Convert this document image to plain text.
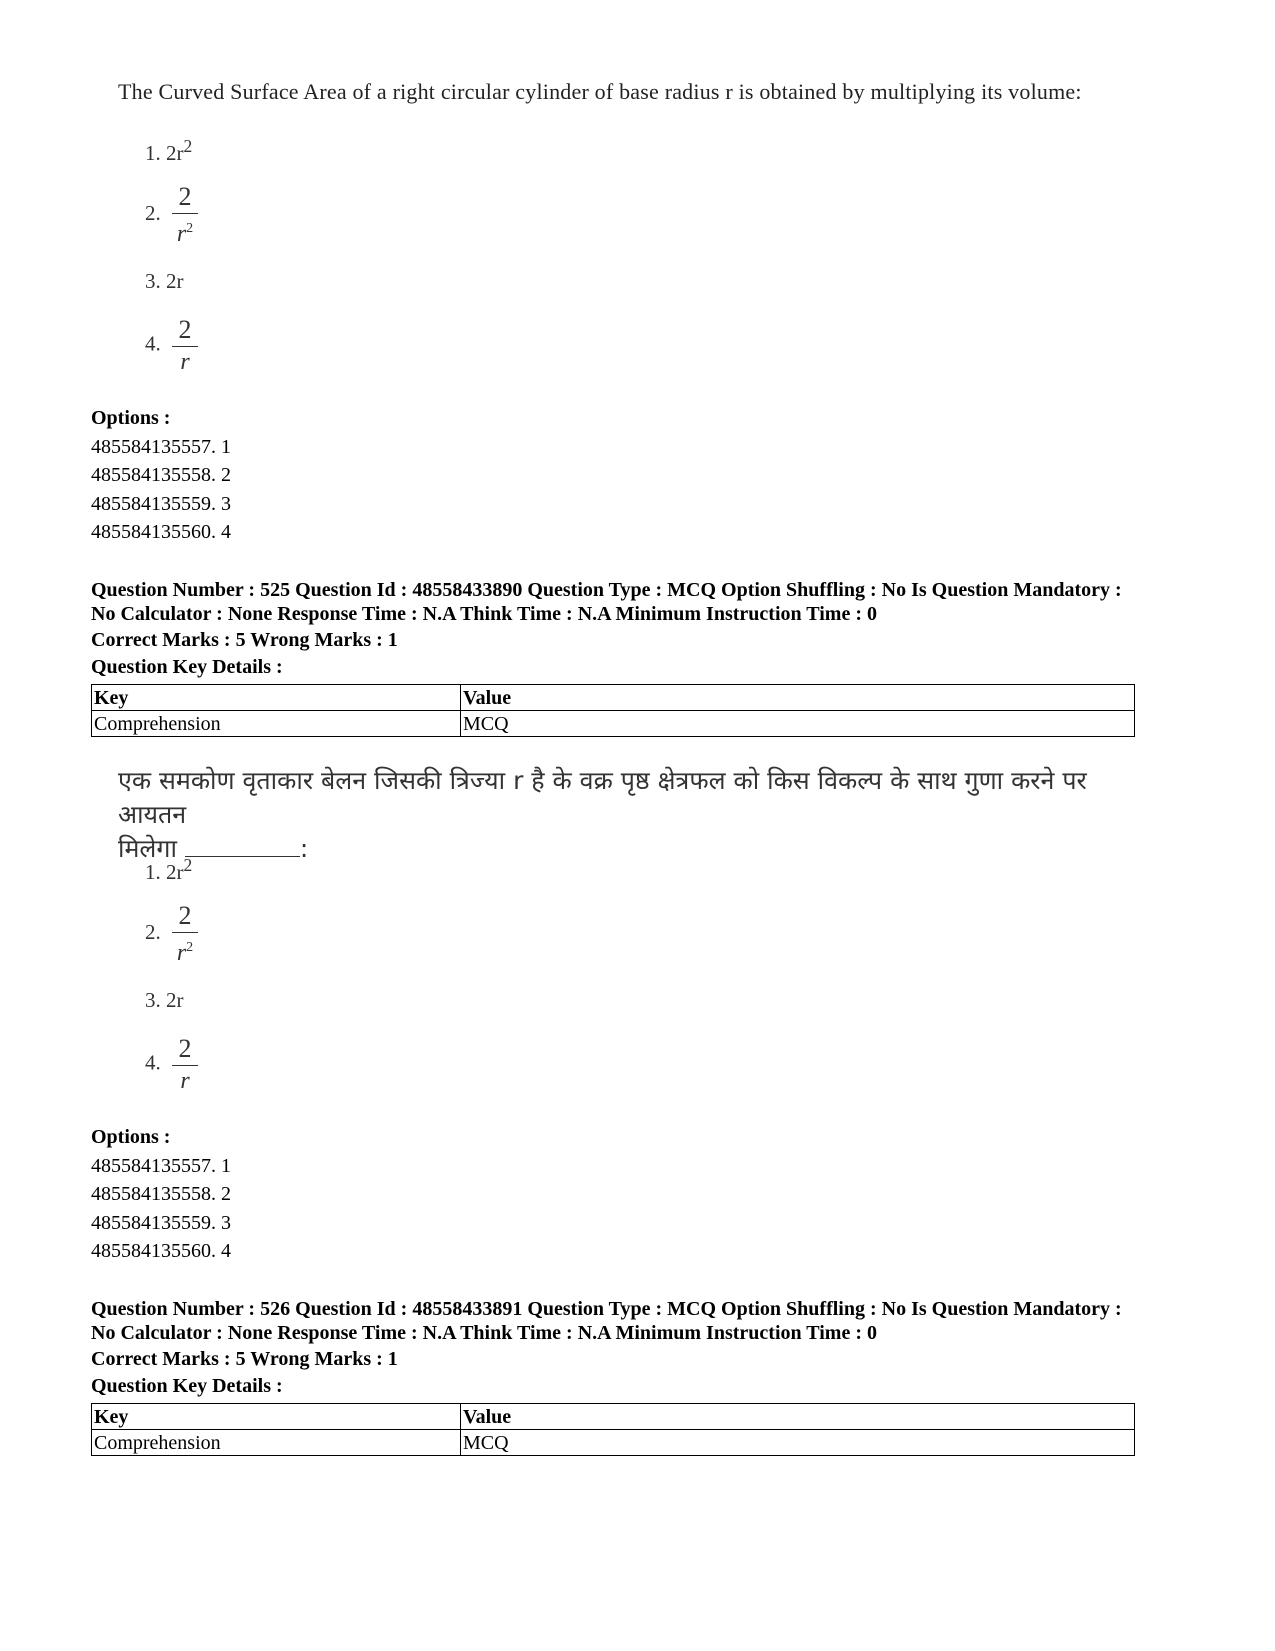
The Curved Surface Area of a right circular cylinder of base radius r is obtained by multiplying its volume:
1. $2r^2$
2. $\frac{2}{r^2}$
3. 2r
4. $\frac{2}{r}$
Options :
485584135557. 1
485584135558. 2
485584135559. 3
485584135560. 4
Question Number : 525 Question Id : 48558433890 Question Type : MCQ Option Shuffling : No Is Question Mandatory :
No Calculator : None Response Time : N.A Think Time : N.A Minimum Instruction Time : 0
Correct Marks : 5 Wrong Marks : 1
Question Key Details :
Key	Value
Comprehension	MCQ
एक समकोण वृताकार बेलन जिसकी त्रिज्या r है के वक्र पृष्ठ क्षेत्रफल को किस विकल्प के साथ गुणा करने पर आयतन
मिलेगा	:
1. $2r^2$
2. $\frac{2}{r^2}$
3. 2r
4. $\frac{2}{r}$
Options :
485584135557. 1
485584135558. 2
485584135559. 3
485584135560. 4
Question Number : 526 Question Id : 48558433891 Question Type : MCQ Option Shuffling : No Is Question Mandatory :
No Calculator : None Response Time : N.A Think Time : N.A Minimum Instruction Time : 0
Correct Marks : 5 Wrong Marks : 1
Question Key Details :
Key	Value
Comprehension	MCQ
